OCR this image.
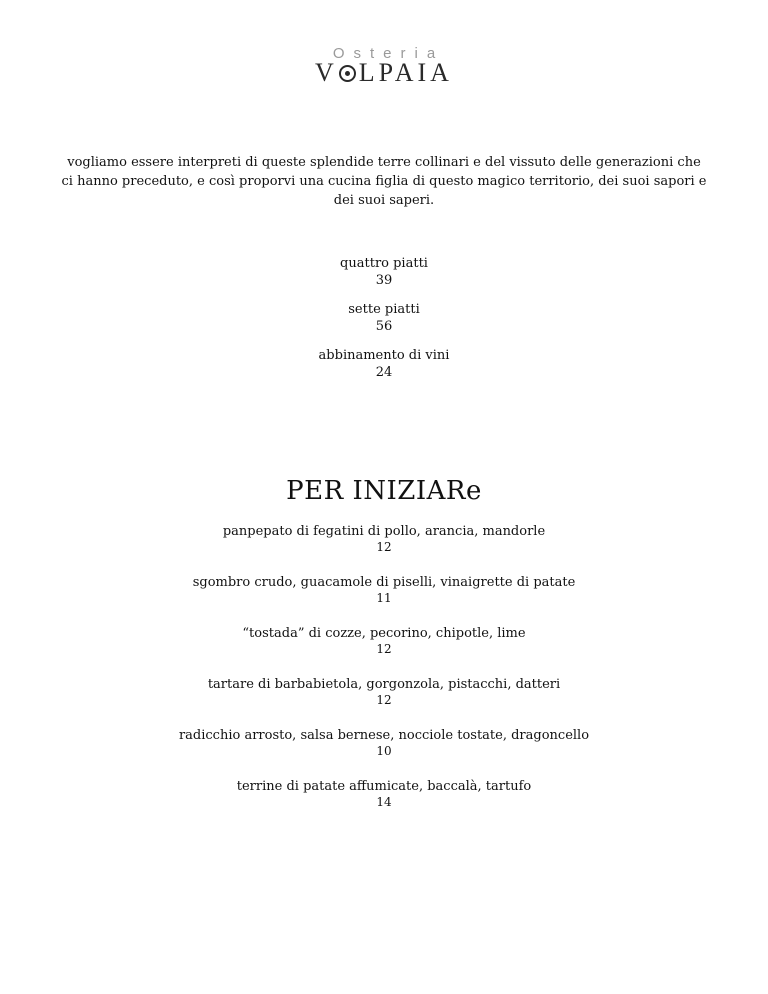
Osteria
V LPAIA
vogliamo essere interpreti di queste splendide terre collinari e del vissuto delle generazioni che ci hanno preceduto, e così proporvi una cucina figlia di questo magico territorio, dei suoi sapori e dei suoi saperi.
quattro piatti
39
sette piatti
56
abbinamento di vini
24
PER INIZIARe
panpepato di fegatini di pollo, arancia, mandorle
12
sgombro crudo, guacamole di piselli, vinaigrette di patate
11
“tostada” di cozze, pecorino, chipotle, lime
12
tartare di barbabietola, gorgonzola, pistacchi, datteri
12
radicchio arrosto, salsa bernese, nocciole tostate, dragoncello
10
terrine di patate affumicate, baccalà, tartufo
14
